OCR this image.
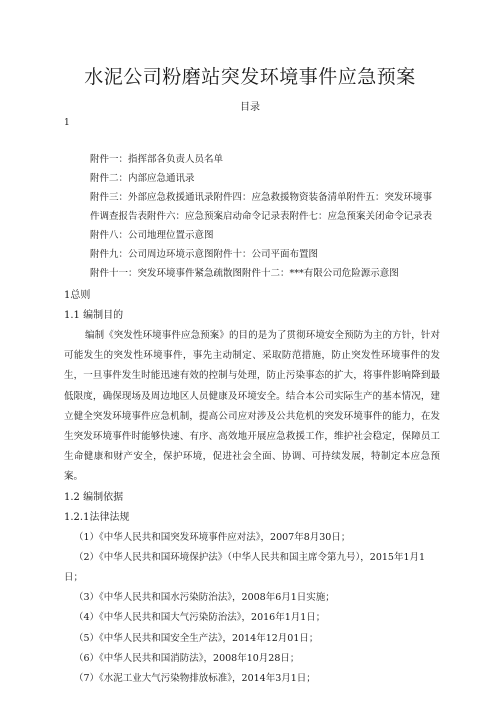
水泥公司粉磨站突发环境事件应急预案
目录
1
附件一：指挥部各负责人员名单
附件二：内部应急通讯录
附件三：外部应急救援通讯录附件四：应急救援物资装备清单附件五：突发环境事
件调查报告表附件六：应急预案启动命令记录表附件七：应急预案关闭命令记录表
附件八：公司地理位置示意图
附件九：公司周边环境示意图附件十：公司平面布置图
附件十一：突发环境事件紧急疏散图附件十二：***有限公司危险源示意图
1总则
1.1 编制目的
编制《突发性环境事件应急预案》的目的是为了贯彻环境安全预防为主的方针，针对可能发生的突发性环境事件，事先主动制定、采取防范措施，防止突发性环境事件的发生，一旦事件发生时能迅速有效的控制与处理，防止污染事态的扩大，将事件影响降到最低限度，确保现场及周边地区人员健康及环境安全。结合本公司实际生产的基本情况，建立健全突发环境事件应急机制，提高公司应对涉及公共危机的突发环境事件的能力，在发生突发环境事件时能够快速、有序、高效地开展应急救援工作，维护社会稳定，保障员工生命健康和财产安全，保护环境，促进社会全面、协调、可持续发展，特制定本应急预案。
1.2 编制依据
1.2.1法律法规
（1）《中华人民共和国突发环境事件应对法》，2007年8月30日；
（2）《中华人民共和国环境保护法》（中华人民共和国主席令第九号），2015年1月1日；
（3）《中华人民共和国水污染防治法》，2008年6月1日实施；
（4）《中华人民共和国大气污染防治法》，2016年1月1日；
（5）《中华人民共和国安全生产法》，2014年12月01日；
（6）《中华人民共和国消防法》，2008年10月28日；
（7）《水泥工业大气污染物排放标准》，2014年3月1日；
